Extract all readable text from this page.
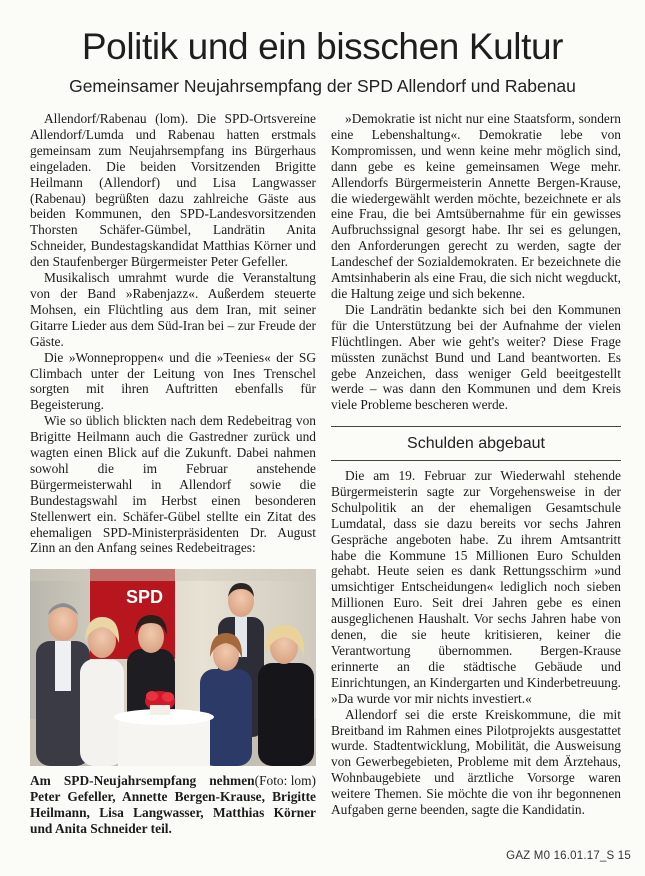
Politik und ein bisschen Kultur
Gemeinsamer Neujahrsempfang der SPD Allendorf und Rabenau

Allendorf/Rabenau (lom). Die SPD-Ortsvereine Allendorf/Lumda und Rabenau hatten erstmals gemeinsam zum Neujahrsempfang ins Bürgerhaus eingeladen. Die beiden Vorsitzenden Brigitte Heilmann (Allendorf) und Lisa Langwasser (Rabenau) begrüßten dazu zahlreiche Gäste aus beiden Kommunen, den SPD-Landesvorsitzenden Thorsten Schäfer-Gümbel, Landrätin Anita Schneider, Bundestagskandidat Matthias Körner und den Staufenberger Bürgermeister Peter Gefeller.

Musikalisch umrahmt wurde die Veranstaltung von der Band »Rabenjazz«. Außerdem steuerte Mohsen, ein Flüchtling aus dem Iran, mit seiner Gitarre Lieder aus dem Süd-Iran bei – zur Freude der Gäste.

Die »Wonneproppen« und die »Teenies« der SG Climbach unter der Leitung von Ines Trenschel sorgten mit ihren Auftritten ebenfalls für Begeisterung.

Wie so üblich blickten nach dem Redebeitrag von Brigitte Heilmann auch die Gastredner zurück und wagten einen Blick auf die Zukunft. Dabei nahmen sowohl die im Februar anstehende Bürgermeisterwahl in Allendorf sowie die Bundestagswahl im Herbst einen besonderen Stellenwert ein. Schäfer-Gübel stellte ein Zitat des ehemaligen SPD-Ministerpräsidenten Dr. August Zinn an den Anfang seines Redebeitrages:

»Demokratie ist nicht nur eine Staatsform, sondern eine Lebenshaltung«. Demokratie lebe von Kompromissen, und wenn keine mehr möglich sind, dann gebe es keine gemeinsamen Wege mehr. Allendorfs Bürgermeisterin Annette Bergen-Krause, die wiedergewählt werden möchte, bezeichnete er als eine Frau, die bei Amtsübernahme für ein gewisses Aufbruchssignal gesorgt habe. Ihr sei es gelungen, den Anforderungen gerecht zu werden, sagte der Landeschef der Sozialdemokraten. Er bezeichnete die Amtsinhaberin als eine Frau, die sich nicht wegduckt, die Haltung zeige und sich bekenne.

Die Landrätin bedankte sich bei den Kommunen für die Unterstützung bei der Aufnahme der vielen Flüchtlingen. Aber wie geht's weiter? Diese Frage müssten zunächst Bund und Land beantworten. Es gebe Anzeichen, dass weniger Geld beeitgestellt werde – was dann den Kommunen und dem Kreis viele Probleme bescheren werde.

Schulden abgebaut

Die am 19. Februar zur Wiederwahl stehende Bürgermeisterin sagte zur Vorgehensweise in der Schulpolitik an der ehemaligen Gesamtschule Lumdatal, dass sie dazu bereits vor sechs Jahren Gespräche angeboten habe. Zu ihrem Amtsantritt habe die Kommune 15 Millionen Euro Schulden gehabt. Heute seien es dank Rettungsschirm »und umsichtiger Entscheidungen« lediglich noch sieben Millionen Euro. Seit drei Jahren gebe es einen ausgeglichenen Haushalt. Vor sechs Jahren habe von denen, die sie heute kritisieren, keiner die Verantwortung übernommen. Bergen-Krause erinnerte an die städtische Gebäude und Einrichtungen, an Kindergarten und Kinderbetreuung. »Da wurde vor mir nichts investiert.«

Allendorf sei die erste Kreiskommune, die mit Breitband im Rahmen eines Pilotprojekts ausgestattet wurde. Stadtentwicklung, Mobilität, die Ausweisung von Gewerbegebieten, Probleme mit dem Ärztehaus, Wohnbaugebiete und ärztliche Vorsorge waren weitere Themen. Sie möchte die von ihr begonnenen Aufgaben gerne beenden, sagte die Kandidatin.

SPD
(Foto: lom)
Am SPD-Neujahrsempfang nehmen Peter Gefeller, Annette Bergen-Krause, Brigitte Heilmann, Lisa Langwasser, Matthias Körner und Anita Schneider teil.
GAZ M0 16.01.17_S 15
